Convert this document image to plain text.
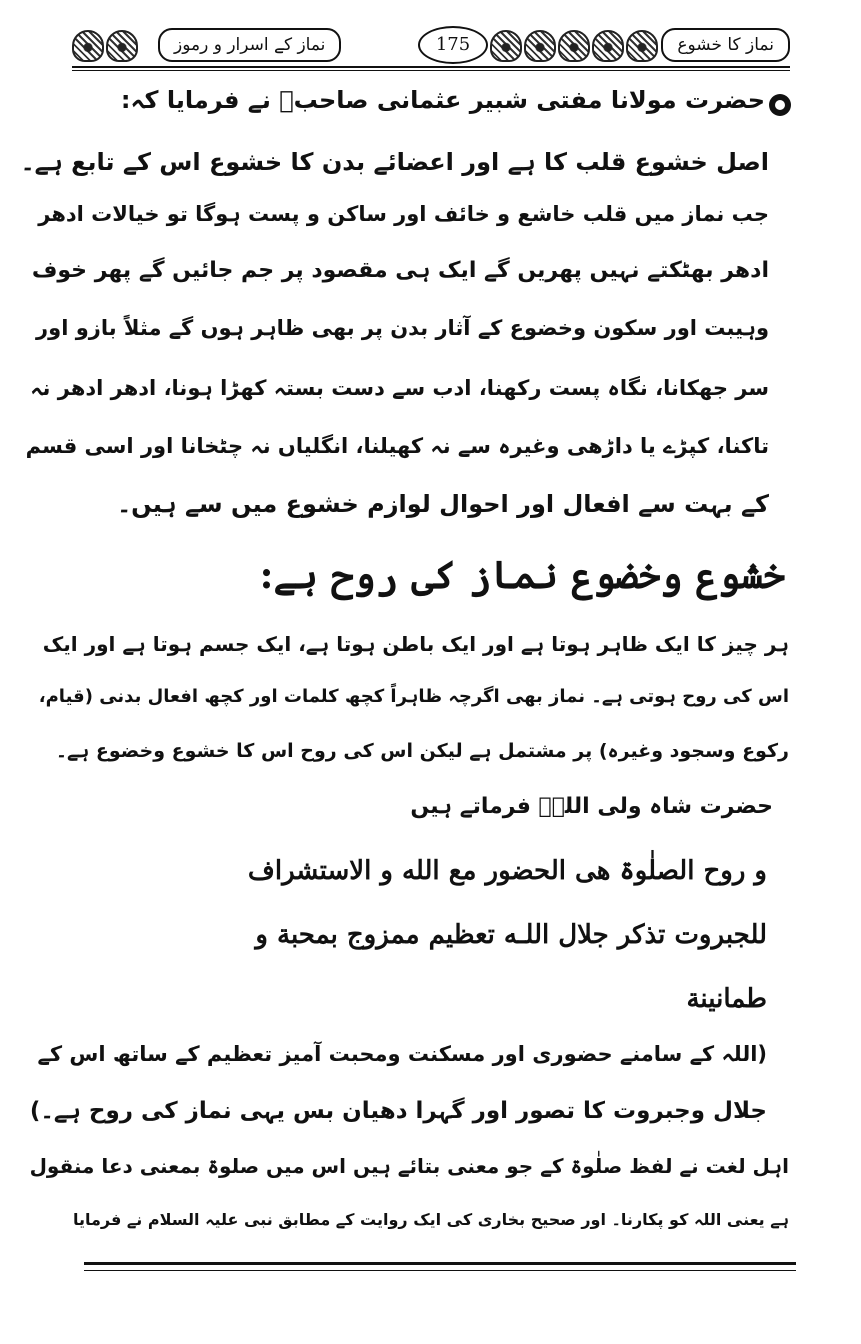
نماز کے اسرار و رموز	175	نماز کا خشوع
حضرت مولانا مفتی شبیر عثمانی صاحبؒ نے فرمایا کہ:
اصل خشوع قلب کا ہے اور اعضائے بدن کا خشوع اس کے تابع ہے۔
جب نماز میں قلب خاشع و خائف اور ساکن و پست ہوگا تو خیالات ادھر
ادھر بھٹکتے نہیں پھریں گے ایک ہی مقصود پر جم جائیں گے پھر خوف
وہیبت اور سکون وخضوع کے آثار بدن پر بھی ظاہر ہوں گے مثلاً بازو اور
سر جھکانا، نگاہ پست رکھنا، ادب سے دست بستہ کھڑا ہونا، ادھر ادھر نہ
تاکنا، کپڑے یا داڑھی وغیرہ سے نہ کھیلنا، انگلیاں نہ چٹخانا اور اسی قسم
کے بہت سے افعال اور احوال لوازم خشوع میں سے ہیں۔
خشوع وخضوع نماز کی روح ہے:
ہر چیز کا ایک ظاہر ہوتا ہے اور ایک باطن ہوتا ہے، ایک جسم ہوتا ہے اور ایک
اس کی روح ہوتی ہے۔ نماز بھی اگرچہ ظاہراً کچھ کلمات اور کچھ افعال بدنی (قیام،
رکوع وسجود وغیرہ) پر مشتمل ہے لیکن اس کی روح اس کا خشوع وخضوع ہے۔
حضرت شاہ ولی اللہؒ فرماتے ہیں
و روح الصلٰوۃ هی الحضور مع الله و الاستشراف
للجبروت تذكر جلال اللـه تعظیم ممزوج بمحبة و
طمانینة
(اللہ کے سامنے حضوری اور مسکنت ومحبت آمیز تعظیم کے ساتھ اس کے
جلال وجبروت کا تصور اور گہرا دھیان بس یہی نماز کی روح ہے۔)
اہل لغت نے لفظ صلٰوۃ کے جو معنی بتائے ہیں اس میں صلوۃ بمعنی دعا منقول
ہے یعنی اللہ کو پکارنا۔ اور صحیح بخاری کی ایک روایت کے مطابق نبی علیہ السلام نے فرمایا
